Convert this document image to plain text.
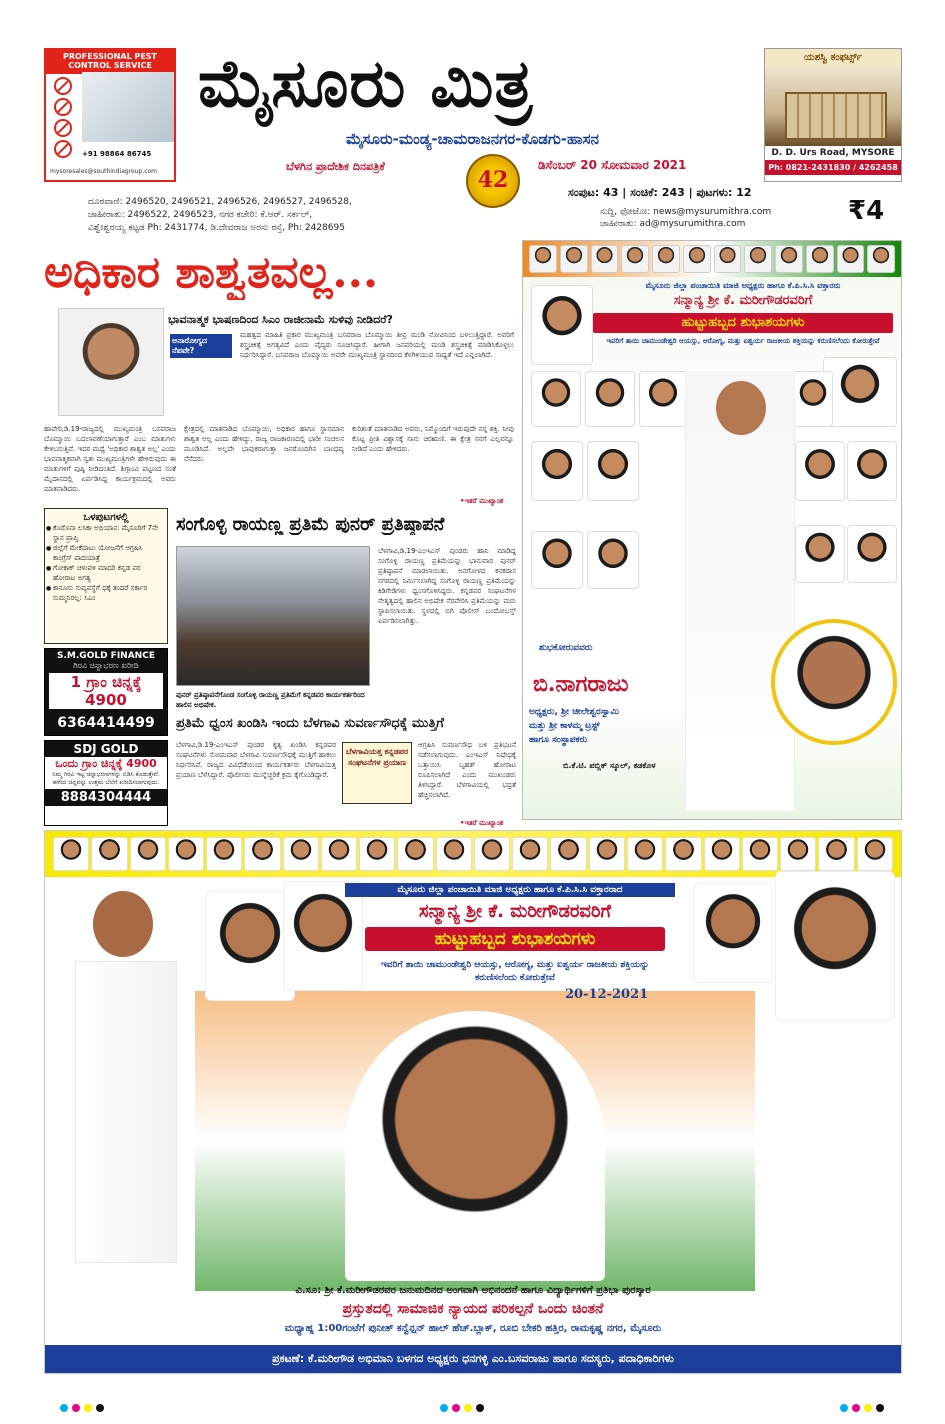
PROFESSIONAL PEST CONTROL SERVICE
+91 98864 86745
mysoresales@southindiagroup.com
ಮೈಸೂರು ಮಿತ್ರ
ಮೈಸೂರು-ಮಂಡ್ಯ-ಚಾಮರಾಜನಗರ-ಕೊಡಗು-ಹಾಸನ
ಬೆಳಗಿನ ಪ್ರಾದೇಶಿಕ ದಿನಪತ್ರಿಕೆ
42
ಡಿಸೆಂಬರ್ 20 ಸೋಮವಾರ 2021
ಯಶಸ್ವಿ ಕಂಫರ್ಟ್ಸ್
D. D. Urs Road, MYSORE
Ph: 0821-2431830 / 4262458
ದೂರವಾಣಿ: 2496520, 2496521, 2496526, 2496527, 2496528,
ಜಾಹೀರಾತು: 2496522, 2496523, ನಗರ ಕಚೇರಿ: ಕೆ.ಆರ್. ಸರ್ಕಲ್,
ವಿಶ್ವೇಶ್ವರಯ್ಯ ಕಟ್ಟಡ Ph: 2431774, ಡಿ.ದೇವರಾಜ ಅರಸು ರಸ್ತೆ, Ph: 2428695
ಸಂಪುಟ: 43 | ಸಂಚಿಕೆ: 243 | ಪುಟಗಳು: 12
ಸುದ್ದಿ, ಫೋಟೋ: news@mysurumithra.com
ಜಾಹೀರಾತು: ad@mysurumithra.com	₹4
ಅಧಿಕಾರ ಶಾಶ್ವತವಲ್ಲ...
ಭಾವನಾತ್ಮಕ ಭಾಷಣದಿಂದ ಸಿಎಂ ರಾಜೀನಾಮೆ ಸುಳಿವು ನೀಡಿದರೆ?
ಅನಾರೋಗ್ಯದ ನೆಪವೇ?
ಮಹತ್ವದ ಮಾಹಿತಿ ಪ್ರಕಾರ ಮುಖ್ಯಮಂತ್ರಿ ಬಸವರಾಜ ಬೊಮ್ಮಾಯಿ ತೀವ್ರ ಮಂಡಿ ನೋವಿನಿಂದ ಬಳಲುತ್ತಿದ್ದಾರೆ. ಅವರಿಗೆ ಶಸ್ತ್ರಚಿಕಿತ್ಸೆ ಅಗತ್ಯವಿದೆ ಎಂದು ವೈದ್ಯರು ಸೂಚಿಸಿದ್ದಾರೆ. ಹೀಗಾಗಿ ಜನವರಿಯಲ್ಲಿ ಮಂಡಿ ಶಸ್ತ್ರಚಿಕಿತ್ಸೆ ಮಾಡಿಸಿಕೊಳ್ಳಲು ನಿರ್ಧರಿಸಿದ್ದಾರೆ. ಬಸವರಾಜ ಬೊಮ್ಮಾಯಿ ಅವರೇ ಮುಖ್ಯಮಂತ್ರಿ ಸ್ಥಾನದಿಂದ ಕೆಳಗಿಳಿಯುವ ಸಾಧ್ಯತೆ ಇದೆ ಎನ್ನಲಾಗಿದೆ.
ಹಾವೇರಿ,ಡಿ.19-ರಾಜ್ಯದಲ್ಲಿ ಮುಖ್ಯಮಂತ್ರಿ ಬಸವರಾಜ ಬೊಮ್ಮಾಯಿ ಬದಲಾವಣೆಯಾಗುತ್ತಾರೆ ಎಂಬ ಮಾತುಗಳು ಕೇಳಿಬರುತ್ತಿವೆ. ಇದರ ಮಧ್ಯೆ 'ಅಧಿಕಾರ ಶಾಶ್ವತ ಅಲ್ಲ' ಎಂದು ಭಾವನಾತ್ಮಕವಾಗಿ ಸ್ವತಃ ಮುಖ್ಯಮಂತ್ರಿಗಳೇ ಹೇಳಿರುವುದು ಈ ಮಾತುಗಳಿಗೆ ಪುಷ್ಠಿ ನೀಡಿದಂತಿದೆ. ಶಿಗ್ಗಾಂವಿ ಪಟ್ಟಣದ ಸಂತೆ ಮೈದಾನದಲ್ಲಿ ಏರ್ಪಡಿಸಿದ್ದ ಕಾರ್ಯಕ್ರಮದಲ್ಲಿ ಅವರು ಮಾತನಾಡಿದರು.
ಕ್ಷೇತ್ರದಲ್ಲಿ ಮಾತನಾಡಿದ ಬೊಮ್ಮಾಯಿ, ಅಧಿಕಾರ ಹಾಗೂ ಸ್ಥಾನಮಾನ ಶಾಶ್ವತ ಅಲ್ಲ ಎಂದು ಹೇಳಿದ್ದು, ರಾಜ್ಯ ರಾಜಕಾರಣದಲ್ಲಿ ಭಾರೀ ಸಂಚಲನ ಮೂಡಿಸಿದೆ. ಅಲ್ಲದೇ ಭಾವುಕರಾಗುತ್ತಾ ಜನರೊಂದಿಗಿನ ಬಾಂಧವ್ಯ ನೆನೆದರು.
ಕುರಿತಂತೆ ಮಾತನಾಡಿದ ಅವರು, ನಿಮ್ಮೊಂದಿಗೆ ಇರುವುದೇ ನನ್ನ ಶಕ್ತಿ. ನೀವು ಕೊಟ್ಟ ಪ್ರೀತಿ ವಿಶ್ವಾಸಕ್ಕೆ ನಾನು ಚಿರಋಣಿ. ಈ ಕ್ಷೇತ್ರ ನನಗೆ ಎಲ್ಲವನ್ನೂ ನೀಡಿದೆ ಎಂದು ಹೇಳಿದರು.
•ಇತರೆ ಮುಖ್ಯಾಂಶ
ಒಳಪುಟಗಳಲ್ಲಿ
● ಕೊರೊನಾ ಲಸಿಕಾ ಅಭಿಯಾನ: ಮೈಸೂರಿಗೆ 7ನೇ ಸ್ಥಾನ ಪ್ರಾಪ್ತಿ
● ಜಿಲ್ಲೆಗೆ ಮೇಕೆದಾಟು ಯೋಜನೆಗೆ ಆಗ್ರಹಿಸಿ ಕಾಂಗ್ರೆಸ್ ಪಾದಯಾತ್ರೆ
● ಗೋಕಾಕ್ ಚಳುವಳಿ ಮಾದರಿ ಕನ್ನಡ ಪರ ಹೋರಾಟ ಅಗತ್ಯ
● ಕಾನೂನು ಸುವ್ಯವಸ್ಥೆಗೆ ಧಕ್ಕೆ ತಂದರೆ ಸರ್ಕಾರ ಸುಮ್ಮನಿರಲ್ಲ: ಸಿಎಂ
S.M.GOLD FINANCE
ಗಿರವಿ ಚಿನ್ನಾಭರಣ ಖರೀದಿ
1 ಗ್ರಾಂ ಚಿನ್ನಕ್ಕೆ 4900
6364414499
SDJ GOLD
ಒಂದು ಗ್ರಾಂ ಚಿನ್ನಕ್ಕೆ 4900
ನಿಮ್ಮ ಗಿರವಿ ಇಟ್ಟ ಚಿನ್ನಾಭರಣಗಳನ್ನು ಬಿಡಿಸಿ ಕೊಡುತ್ತೇವೆ. ಹಳೆಯ ಚಿನ್ನವನ್ನು ಉತ್ತಮ ಬೆಲೆಗೆ ಖರೀದಿಸಲಾಗುವುದು.
8884304444
ಸಂಗೊಳ್ಳಿ ರಾಯಣ್ಣ ಪ್ರತಿಮೆ ಪುನರ್ ಪ್ರತಿಷ್ಠಾಪನೆ
ಬೆಳಗಾವಿ,ಡಿ.19-ಎಂಇಎಸ್ ಪುಂಡರು ಹಾನಿ ಮಾಡಿದ್ದ ಸಂಗೊಳ್ಳಿ ರಾಯಣ್ಣ ಪ್ರತಿಮೆಯನ್ನು ಭಾನುವಾರ ಪುನರ್ ಪ್ರತಿಷ್ಠಾಪನೆ ಮಾಡಲಾಯಿತು. ಅನಗೋಳದ ಕನಕದಾಸ ನಗರದಲ್ಲಿ ನಿರ್ಮಿಸಲಾಗಿದ್ದ ಸಂಗೊಳ್ಳಿ ರಾಯಣ್ಣ ಪ್ರತಿಮೆಯನ್ನು ಕಿಡಿಗೇಡಿಗಳು ಧ್ವಂಸಗೊಳಿಸಿದ್ದರು. ಕನ್ನಡಪರ ಸಂಘಟನೆಗಳ ನೇತೃತ್ವದಲ್ಲಿ ಹಾಲಿನ ಅಭಿಷೇಕ ನೆರವೇರಿಸಿ ಪ್ರತಿಮೆಯನ್ನು ಮರು ಸ್ಥಾಪಿಸಲಾಯಿತು. ಸ್ಥಳದಲ್ಲಿ ಬಿಗಿ ಪೊಲೀಸ್ ಬಂದೋಬಸ್ತ್ ಏರ್ಪಡಿಸಲಾಗಿತ್ತು.
ಪುನರ್ ಪ್ರತಿಷ್ಠಾಪನೆಗೊಂಡ ಸಂಗೊಳ್ಳಿ ರಾಯಣ್ಣ ಪ್ರತಿಮೆಗೆ ಕನ್ನಡಪರ ಕಾರ್ಯಕರ್ತರಿಂದ ಹಾಲಿನ ಅಭಿಷೇಕ.
ಪ್ರತಿಮೆ ಧ್ವಂಸ ಖಂಡಿಸಿ ಇಂದು ಬೆಳಗಾವಿ ಸುವರ್ಣಸೌಧಕ್ಕೆ ಮುತ್ತಿಗೆ
ಬೆಳಗಾವಿ,ಡಿ.19-ಎಂಇಎಸ್ ಪುಂಡರ ಕೃತ್ಯ ಖಂಡಿಸಿ ಕನ್ನಡಪರ ಸಂಘಟನೆಗಳು ಸೋಮವಾರ ಬೆಳಗಾವಿ ಸುವರ್ಣಸೌಧಕ್ಕೆ ಮುತ್ತಿಗೆ ಹಾಕಲು ನಿರ್ಧರಿಸಿವೆ. ರಾಜ್ಯದ ವಿವಿಧೆಡೆಯಿಂದ ಕಾರ್ಯಕರ್ತರು ಬೆಳಗಾವಿಯತ್ತ ಪ್ರಯಾಣ ಬೆಳೆಸಿದ್ದಾರೆ. ಪೊಲೀಸರು ಮುನ್ನೆಚ್ಚರಿಕೆ ಕ್ರಮ ಕೈಗೊಂಡಿದ್ದಾರೆ.
ಬೆಳಗಾವಿಯತ್ತ ಕನ್ನಡಪರ ಸಂಘಟನೆಗಳ ಪ್ರಯಾಣ
ಆಗ್ರಹಿಸಿ ಸುವರ್ಣಸೌಧ ಬಳಿ ಪ್ರತಿಭಟನೆ ನಡೆಸಲಾಗುವುದು. ಎಂಇಎಸ್ ನಿಷೇಧಕ್ಕೆ ಒತ್ತಾಯಿಸಿ ಬೃಹತ್ ಹೋರಾಟ ರೂಪಿಸಲಾಗಿದೆ ಎಂದು ಮುಖಂಡರು ತಿಳಿಸಿದ್ದಾರೆ. ಬೆಳಗಾವಿಯಲ್ಲಿ ಭದ್ರತೆ ಹೆಚ್ಚಿಸಲಾಗಿದೆ.
•ಇತರೆ ಮುಖ್ಯಾಂಶ
ಮೈಸೂರು ಜಿಲ್ಲಾ ಪಂಚಾಯಿತಿ ಮಾಜಿ ಅಧ್ಯಕ್ಷರು ಹಾಗೂ ಕೆ.ಪಿ.ಸಿ.ಸಿ ವಕ್ತಾರರು
ಸನ್ಮಾನ್ಯ ಶ್ರೀ ಕೆ. ಮರೀಗೌಡರವರಿಗೆ
ಹುಟ್ಟುಹಬ್ಬದ ಶುಭಾಶಯಗಳು
ಇವರಿಗೆ ತಾಯಿ ಚಾಮುಂಡೇಶ್ವರಿ ಆಯಸ್ಸು, ಆರೋಗ್ಯ, ಮತ್ತು ಐಶ್ವರ್ಯ ರಾಜಕೀಯ ಶಕ್ತಿಯನ್ನು ಕರುಣಿಸಲೆಂದು ಕೋರುತ್ತೇವೆ
ಶುಭಕೋರುವವರು
ಬಿ.ನಾಗರಾಜು
ಅಧ್ಯಕ್ಷರು, ಶ್ರೀ ಚೀಲೇಶ್ವರಸ್ವಾಮಿ
ಮತ್ತು ಶ್ರೀ ಕಾಳಮ್ಮ ಟ್ರಸ್ಟ್
ಹಾಗೂ ಸಂಸ್ಥಾಪಕರು
ಬಿ.ಕೆ.ಟಿ. ಪಬ್ಲಿಕ್ ಸ್ಕೂಲ್, ಕಡಕೊಳ
ಮೈಸೂರು ಜಿಲ್ಲಾ ಪಂಚಾಯಿತಿ ಮಾಜಿ ಅಧ್ಯಕ್ಷರು ಹಾಗೂ ಕೆ.ಪಿ.ಸಿ.ಸಿ ವಕ್ತಾರರಾದ
ಸನ್ಮಾನ್ಯ ಶ್ರೀ ಕೆ. ಮರೀಗೌಡರವರಿಗೆ
ಹುಟ್ಟುಹಬ್ಬದ ಶುಭಾಶಯಗಳು
ಇವರಿಗೆ ತಾಯಿ ಚಾಮುಂಡೇಶ್ವರಿ ಆಯಸ್ಸು, ಆರೋಗ್ಯ, ಮತ್ತು ಐಶ್ವರ್ಯ ರಾಜಕೀಯ ಶಕ್ತಿಯನ್ನು ಕರುಣಿಸಲೆಂದು ಕೋರುತ್ತೇವೆ
20-12-2021
ವಿ.ಸೂ: ಶ್ರೀ ಕೆ.ಮರೀಗೌಡರವರ ಜನುಮದಿನದ ಅಂಗವಾಗಿ ಅಭಿನಂದನೆ ಹಾಗೂ ವಿದ್ಯಾರ್ಥಿಗಳಿಗೆ ಪ್ರತಿಭಾ ಪುರಸ್ಕಾರ
ಪ್ರಸ್ತುತದಲ್ಲಿ ಸಾಮಾಜಿಕ ನ್ಯಾಯದ ಪರಿಕಲ್ಪನೆ ಒಂದು ಚಿಂತನೆ
ಮಧ್ಯಾಹ್ನ 1:00ಗಂಟೆಗೆ ಪುನೀತ್ ಕನ್ವೆನ್ಷನ್ ಹಾಲ್ ಹೆಚ್.ಬ್ಲಾಕ್, ರೂಬಿ ಬೇಕರಿ ಹತ್ತಿರ, ರಾಮಕೃಷ್ಣ ನಗರ, ಮೈಸೂರು
ಪ್ರಕಟಣೆ: ಕೆ.ಮರೀಗೌಡ ಅಭಿಮಾನಿ ಬಳಗದ ಅಧ್ಯಕ್ಷರು ಧನಗಳ್ಳಿ ಎಂ.ಬಸವರಾಜು ಹಾಗೂ ಸದಸ್ಯರು, ಪದಾಧಿಕಾರಿಗಳು
